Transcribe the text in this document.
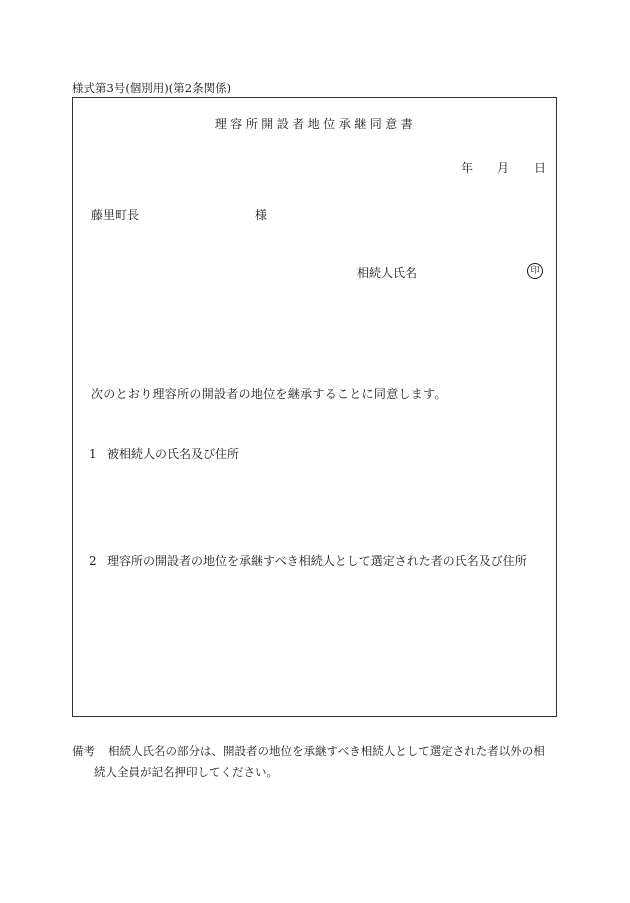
様式第3号(個別用)(第2条関係)
理容所開設者地位承継同意書
年 月 日
藤里町長	様
相続人氏名	印
次のとおり理容所の開設者の地位を継承することに同意します。
1 被相続人の氏名及び住所
2 理容所の開設者の地位を承継すべき相続人として選定された者の氏名及び住所
備考 相続人氏名の部分は、開設者の地位を承継すべき相続人として選定された者以外の相
続人全員が記名押印してください。
